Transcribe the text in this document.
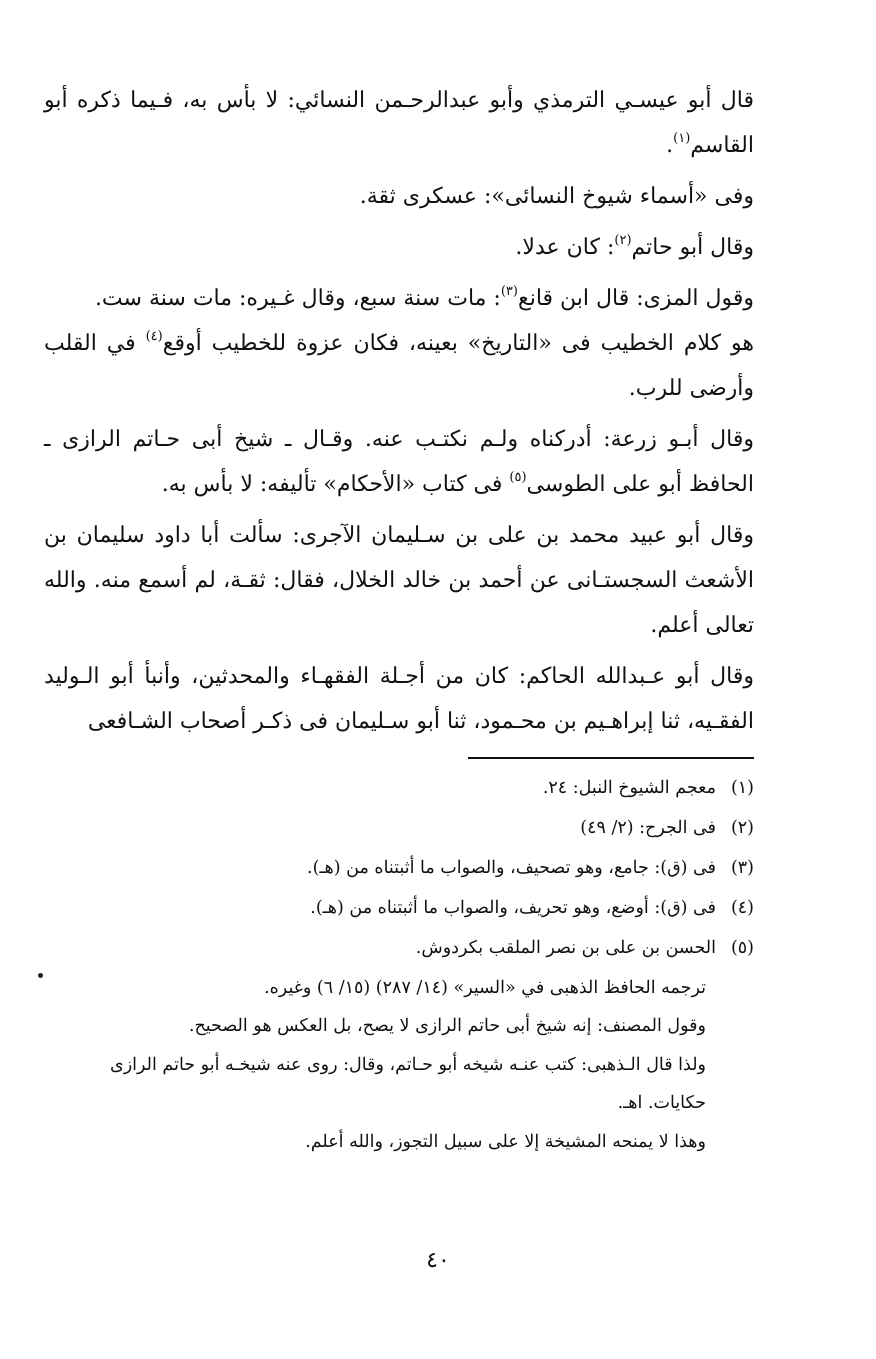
قال أبو عيسـي الترمذي وأبو عبدالرحـمن النسائي: لا بأس به، فـيما ذكره أبو القاسم$^{(١)}$.

وفى «أسماء شيوخ النسائى»: عسكرى ثقة.

وقال أبو حاتم$^{(٢)}$: كان عدلا.

وقول المزى: قال ابن قانع$^{(٣)}$: مات سنة سبع، وقال غـيره: مات سنة ست.

هو كلام الخطيب فى «التاريخ» بعينه، فكان عزوة للخطيب أوقع$^{(٤)}$ في القلب وأرضى للرب.

وقال أبـو زرعة: أدركناه ولـم نكتـب عنه. وقـال ـ شيخ أبى حـاتم الرازى ـ الحافظ أبو على الطوسى$^{(٥)}$ فى كتاب «الأحكام» تأليفه: لا بأس به.

وقال أبو عبيد محمد بن على بن سـليمان الآجرى: سألت أبا داود سليمان بن الأشعث السجستـانى عن أحمد بن خالد الخلال، فقال: ثقـة، لم أسمع منه. والله تعالى أعلم.

وقال أبو عـبدالله الحاكم: كان من أجـلة الفقهـاء والمحدثين، وأنبأ أبو الـوليد الفقـيه، ثنا إبراهـيم بن محـمود، ثنا أبو سـليمان فى ذكـر أصحاب الشـافعى

(١)معجم الشيوخ النبل: ٢٤.

(٢)فى الجرح: (٢/ ٤٩)

(٣)فى (ق): جامع، وهو تصحيف، والصواب ما أثبتناه من (هـ).

(٤)فى (ق): أوضع، وهو تحريف، والصواب ما أثبتناه من (هـ).

(٥)الحسن بن على بن نصر الملقب بكردوش.

ترجمه الحافظ الذهبى في «السير» (١٤/ ٢٨٧) (١٥/ ٦) وغيره.

وقول المصنف: إنه شيخ أبى حاتم الرازى لا يصح، بل العكس هو الصحيح.

ولذا قال الـذهبى: كتب عنـه شيخه أبو حـاتم، وقال: روى عنه شيخـه أبو حاتم الرازى حكايات. اهـ.

وهذا لا يمنحه المشيخة إلا على سبيل التجوز، والله أعلم.

٤٠
